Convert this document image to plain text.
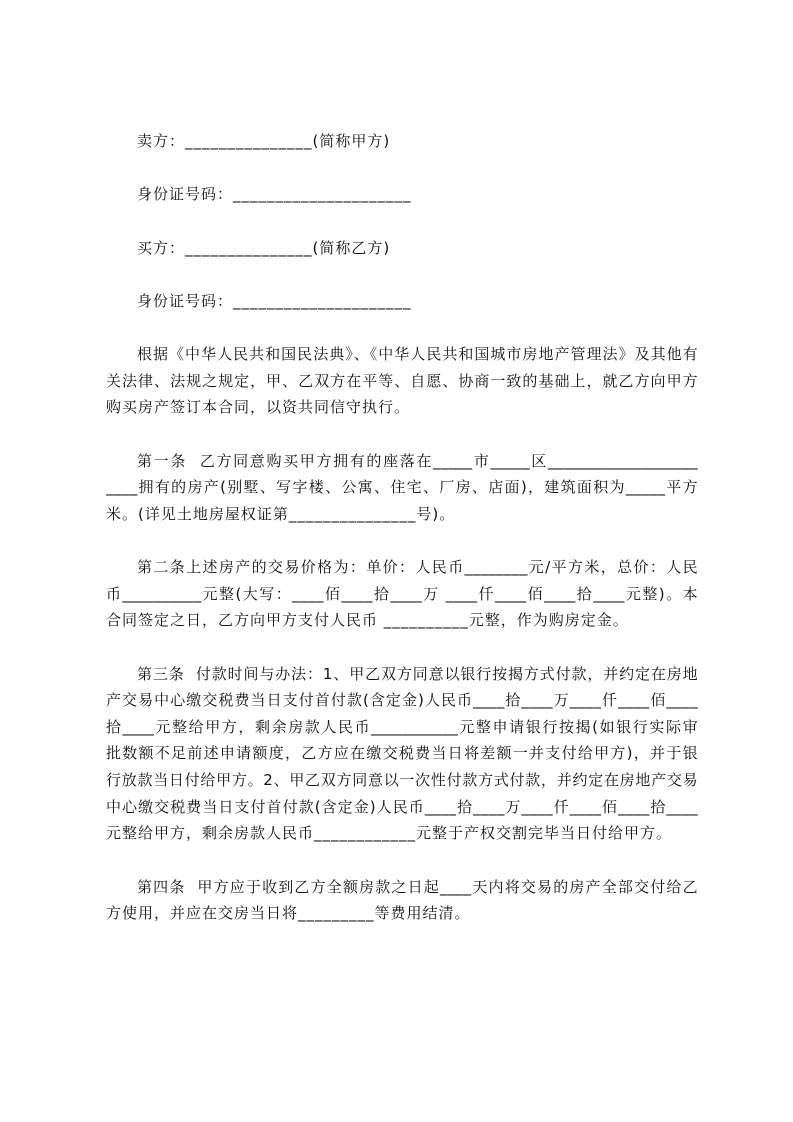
卖方：_______________(简称甲方)
身份证号码：_____________________
买方：_______________(简称乙方)
身份证号码：_____________________
根据《中华人民共和国民法典》、《中华人民共和国城市房地产管理法》及其他有
关法律、法规之规定，甲、乙双方在平等、自愿、协商一致的基础上，就乙方向甲方
购买房产签订本合同，以资共同信守执行。
第一条  乙方同意购买甲方拥有的座落在_____市_____区___________________
____拥有的房产(别墅、写字楼、公寓、住宅、厂房、店面)，建筑面积为_____平方
米。(详见土地房屋权证第_______________号)。
第二条上述房产的交易价格为：单价：人民币________元/平方米，总价：人民
币__________元整(大写：____佰____拾____万 ____仟____佰____拾____元整)。本
合同签定之日，乙方向甲方支付人民币 __________元整，作为购房定金。
第三条  付款时间与办法：1、甲乙双方同意以银行按揭方式付款，并约定在房地
产交易中心缴交税费当日支付首付款(含定金)人民币____拾____万____仟____佰____
拾____元整给甲方，剩余房款人民币___________元整申请银行按揭(如银行实际审
批数额不足前述申请额度，乙方应在缴交税费当日将差额一并支付给甲方)，并于银
行放款当日付给甲方。2、甲乙双方同意以一次性付款方式付款，并约定在房地产交易
中心缴交税费当日支付首付款(含定金)人民币____拾____万____仟____佰____拾____
元整给甲方，剩余房款人民币____________元整于产权交割完毕当日付给甲方。
第四条  甲方应于收到乙方全额房款之日起____天内将交易的房产全部交付给乙
方使用，并应在交房当日将_________等费用结清。
